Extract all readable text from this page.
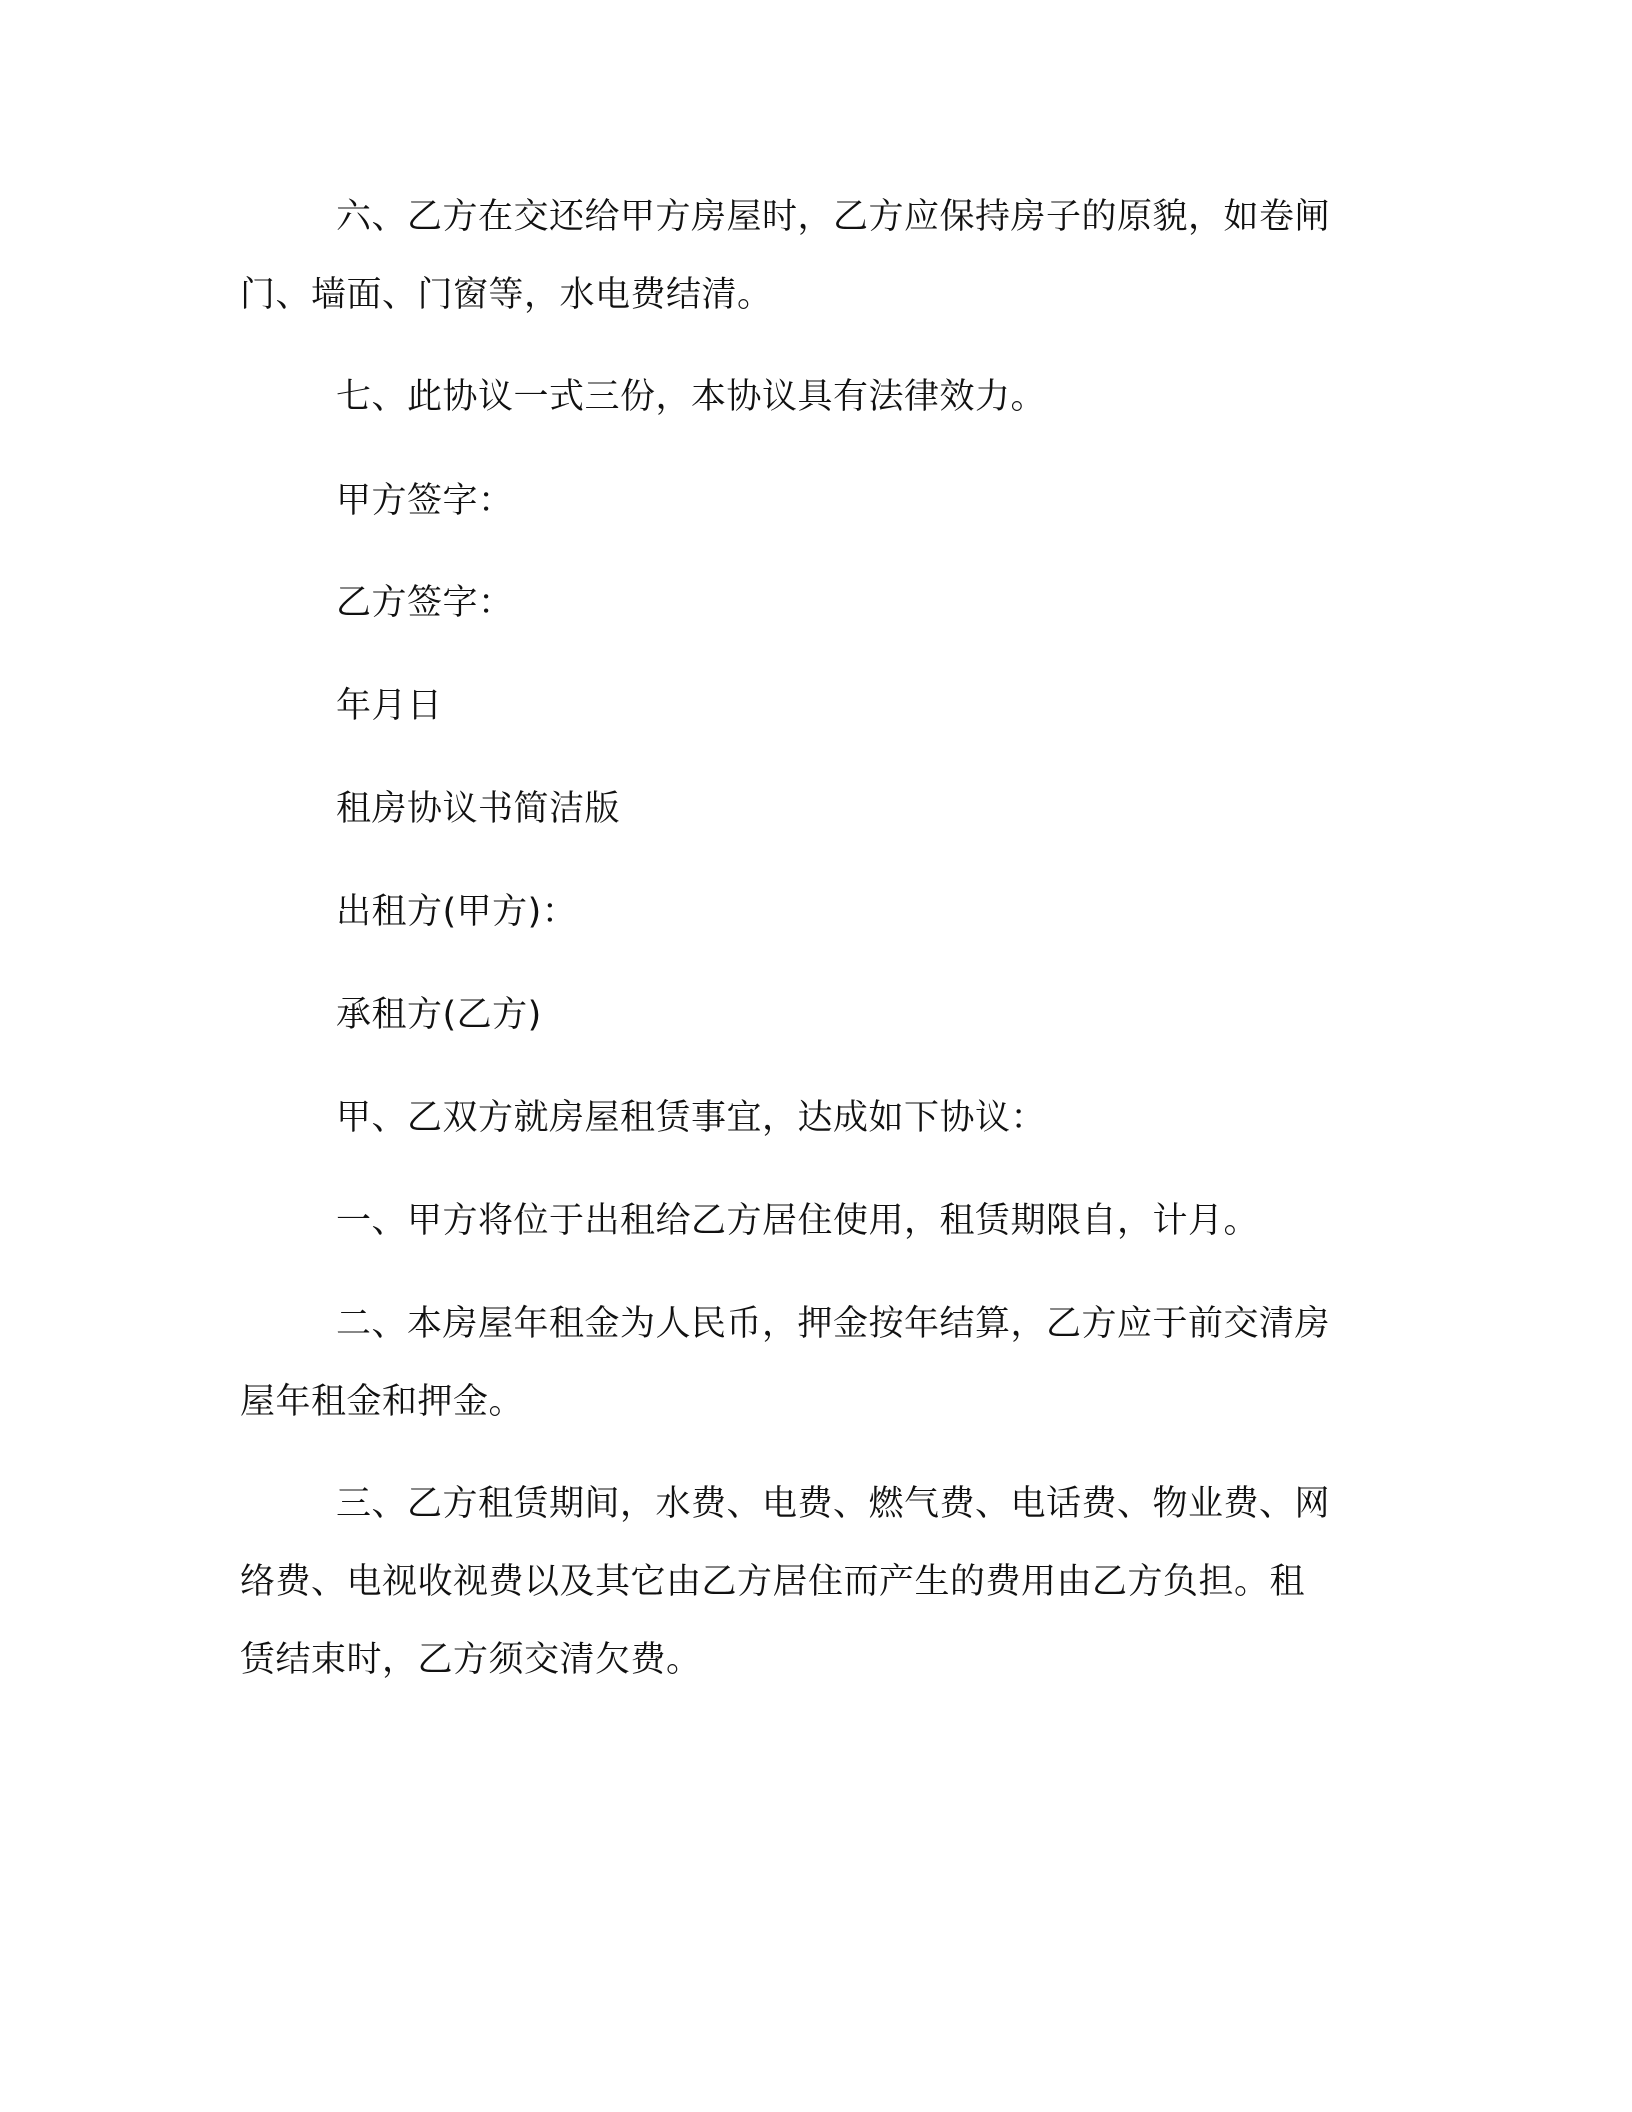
六、乙方在交还给甲方房屋时，乙方应保持房子的原貌，如卷闸
门、墙面、门窗等，水电费结清。
七、此协议一式三份，本协议具有法律效力。
甲方签字：
乙方签字：
年月日
租房协议书简洁版
出租方(甲方)：
承租方(乙方)
甲、乙双方就房屋租赁事宜，达成如下协议：
一、甲方将位于出租给乙方居住使用，租赁期限自，计月。
二、本房屋年租金为人民币，押金按年结算，乙方应于前交清房
屋年租金和押金。
三、乙方租赁期间，水费、电费、燃气费、电话费、物业费、网
络费、电视收视费以及其它由乙方居住而产生的费用由乙方负担。租
赁结束时，乙方须交清欠费。
